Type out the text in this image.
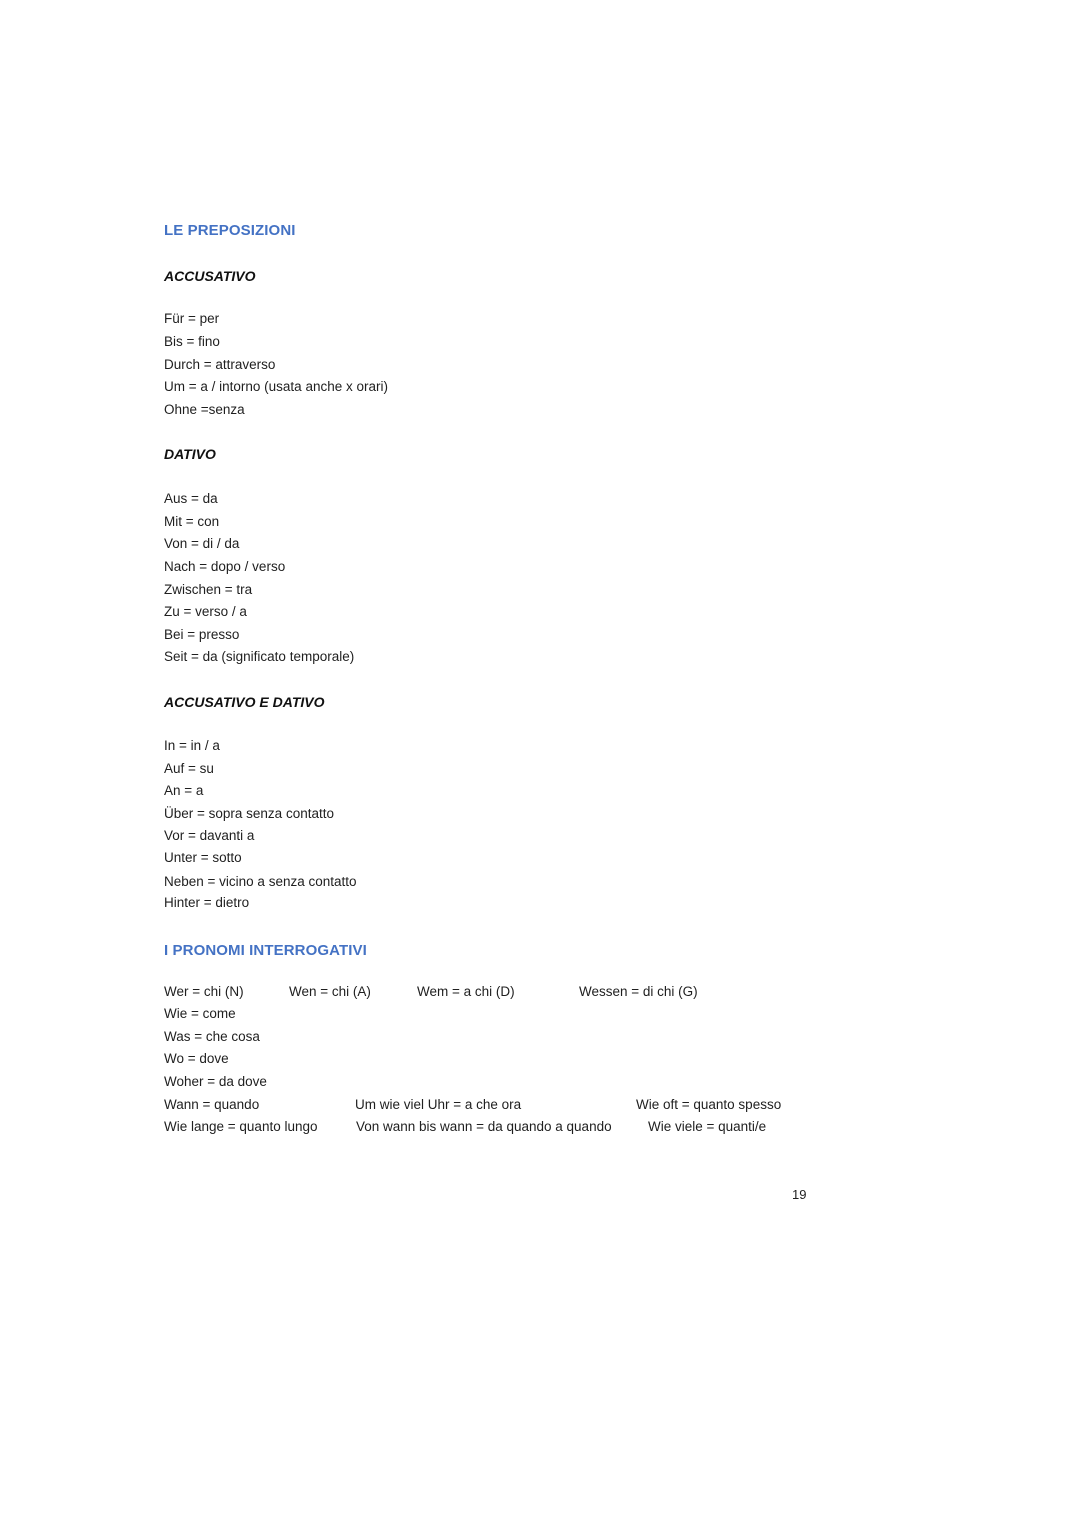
LE PREPOSIZIONI
ACCUSATIVO
Für = per
Bis = fino
Durch = attraverso
Um = a / intorno (usata anche x orari)
Ohne =senza
DATIVO
Aus = da
Mit = con
Von = di / da
Nach = dopo / verso
Zwischen = tra
Zu = verso / a
Bei = presso
Seit = da (significato temporale)
ACCUSATIVO E DATIVO
In = in / a
Auf = su
An = a
Über = sopra senza contatto
Vor = davanti a
Unter = sotto
Neben = vicino a senza contatto
Hinter = dietro
I PRONOMI INTERROGATIVI
Wer = chi (N)	Wen = chi (A)	Wem = a chi (D)	Wessen = di chi (G)
Wie = come
Was = che cosa
Wo = dove
Woher = da dove
Wann = quando	Um wie viel Uhr = a che ora	Wie oft = quanto spesso
Wie lange = quanto lungo	Von wann bis wann = da quando a quando	Wie viele = quanti/e
19
